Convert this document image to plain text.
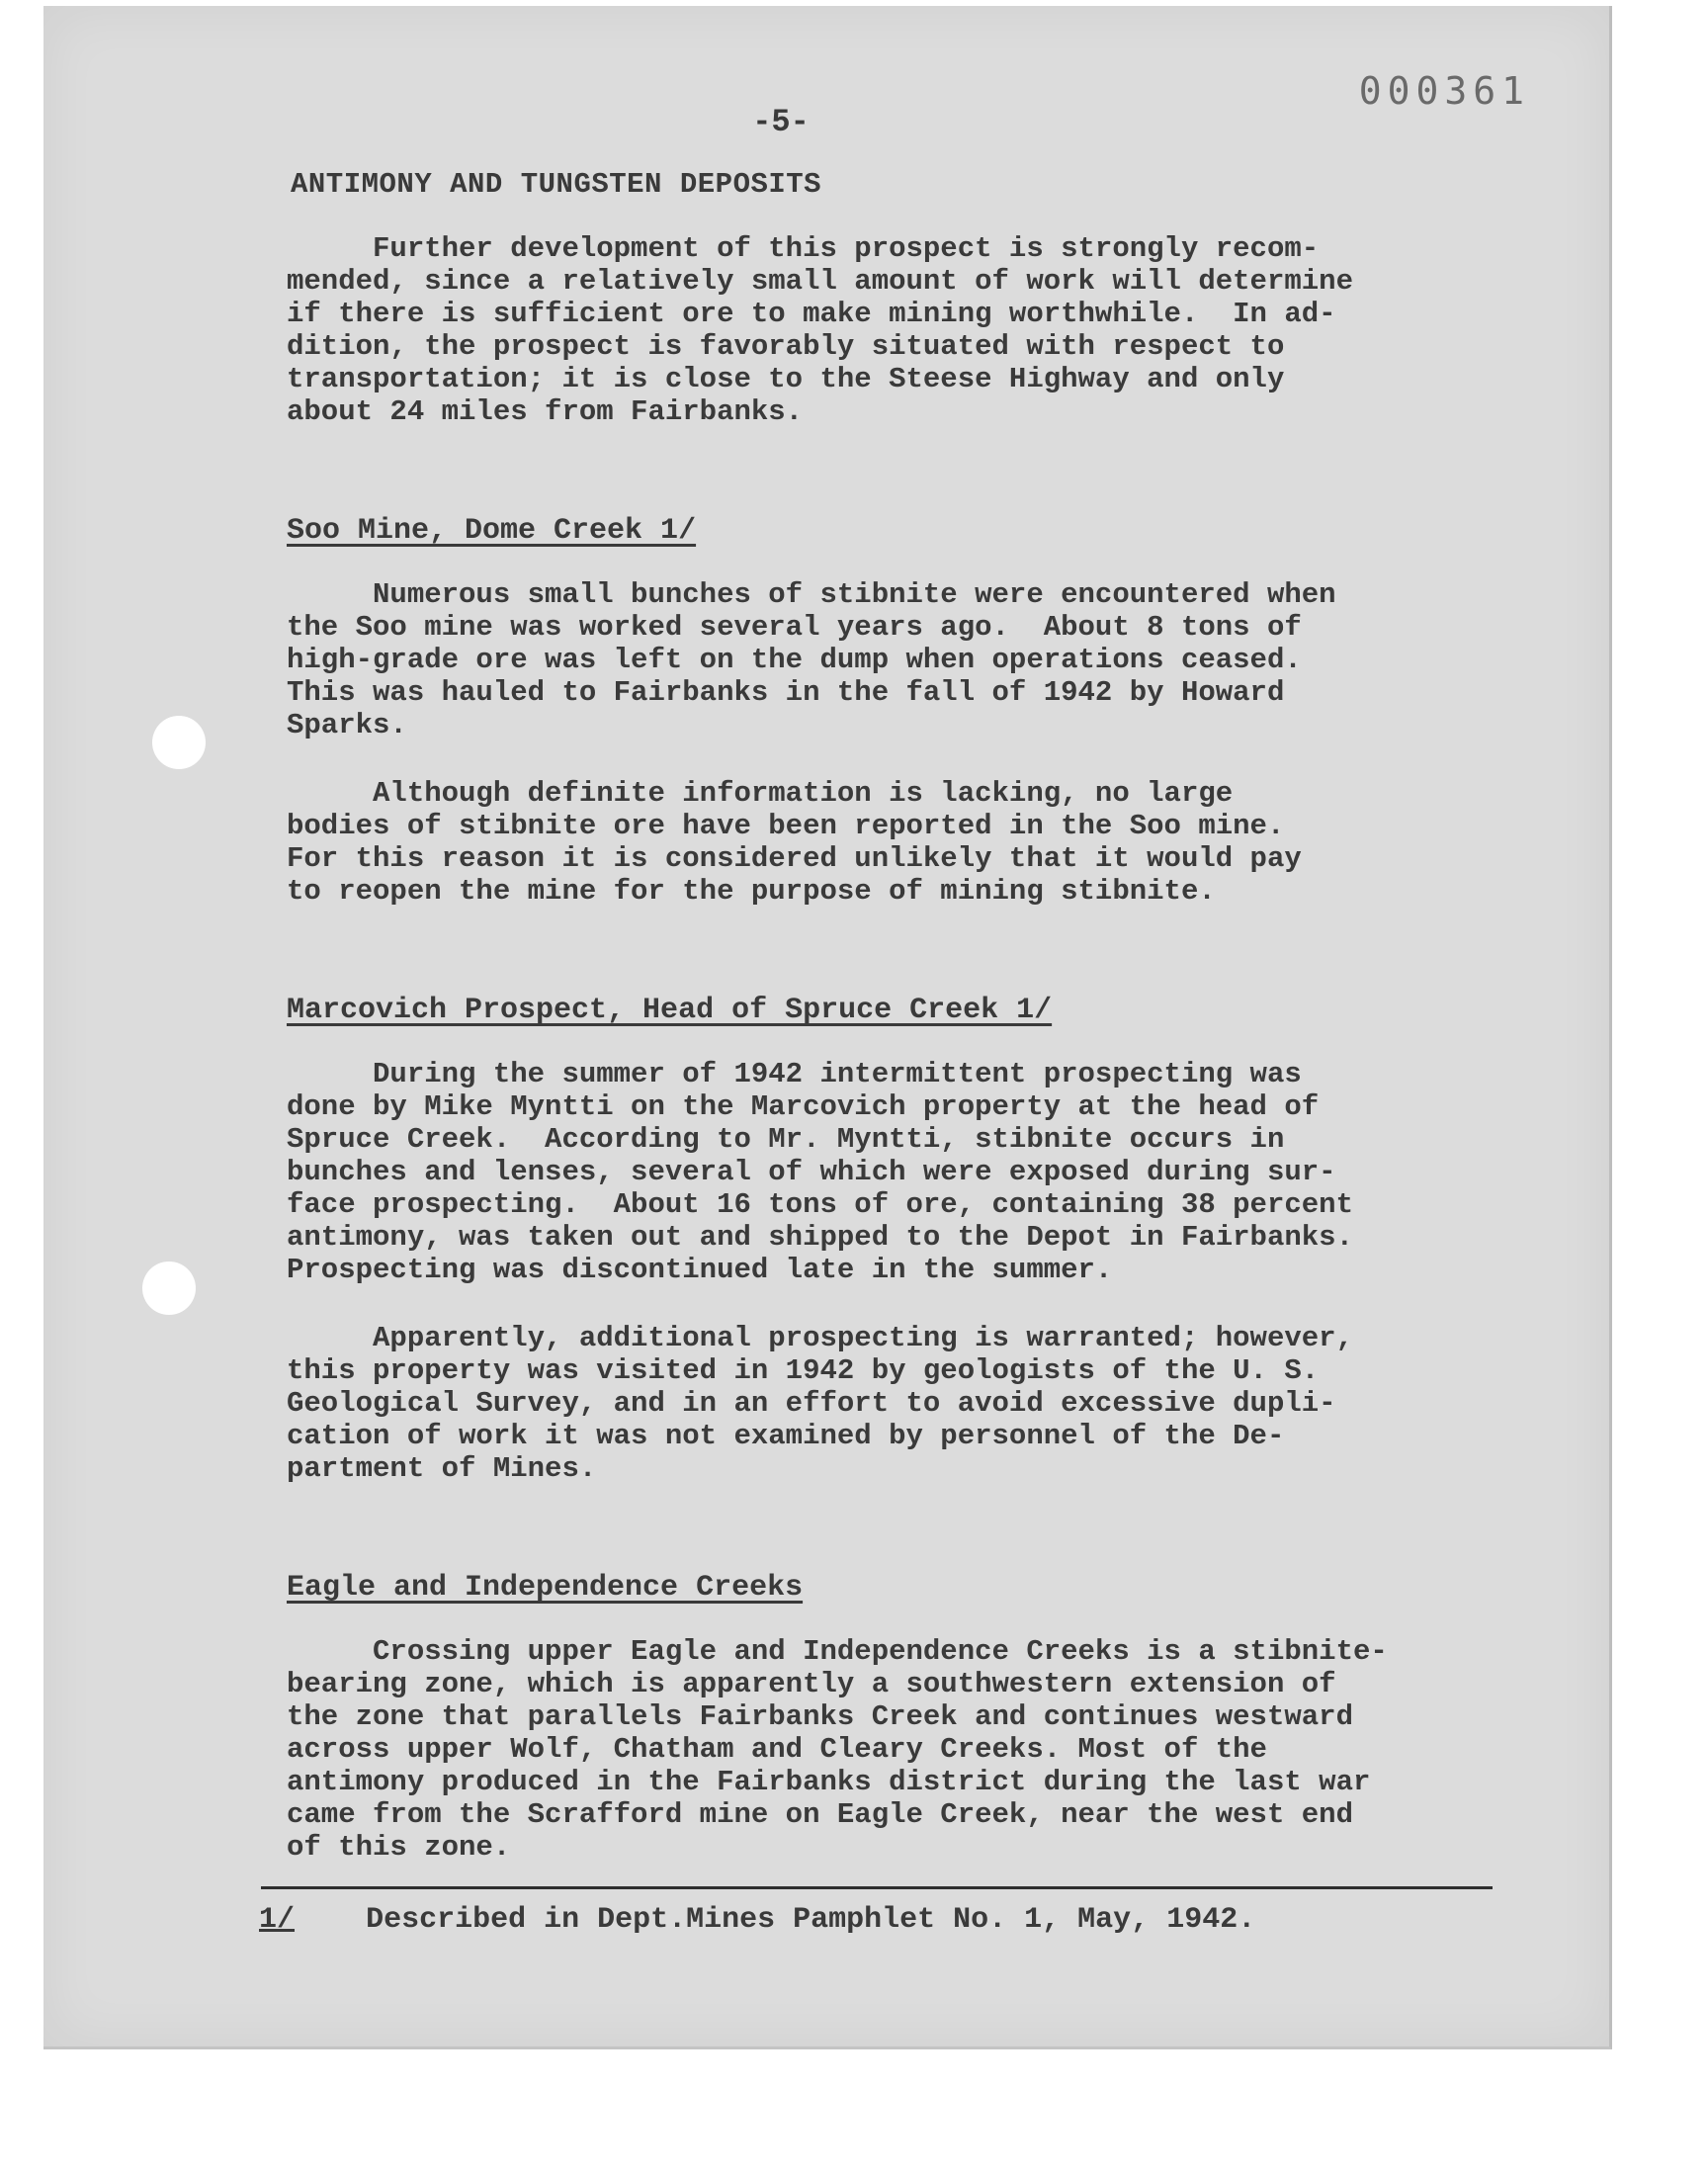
000361
-5-
ANTIMONY AND TUNGSTEN DEPOSITS
Further development of this prospect is strongly recom-
mended, since a relatively small amount of work will determine
if there is sufficient ore to make mining worthwhile.  In ad-
dition, the prospect is favorably situated with respect to
transportation; it is close to the Steese Highway and only
about 24 miles from Fairbanks.
Soo Mine, Dome Creek 1/
Numerous small bunches of stibnite were encountered when
the Soo mine was worked several years ago.  About 8 tons of
high-grade ore was left on the dump when operations ceased.
This was hauled to Fairbanks in the fall of 1942 by Howard
Sparks.
Although definite information is lacking, no large
bodies of stibnite ore have been reported in the Soo mine.
For this reason it is considered unlikely that it would pay
to reopen the mine for the purpose of mining stibnite.
Marcovich Prospect, Head of Spruce Creek 1/
During the summer of 1942 intermittent prospecting was
done by Mike Myntti on the Marcovich property at the head of
Spruce Creek.  According to Mr. Myntti, stibnite occurs in
bunches and lenses, several of which were exposed during sur-
face prospecting.  About 16 tons of ore, containing 38 percent
antimony, was taken out and shipped to the Depot in Fairbanks.
Prospecting was discontinued late in the summer.
Apparently, additional prospecting is warranted; however,
this property was visited in 1942 by geologists of the U. S.
Geological Survey, and in an effort to avoid excessive dupli-
cation of work it was not examined by personnel of the De-
partment of Mines.
Eagle and Independence Creeks
Crossing upper Eagle and Independence Creeks is a stibnite-
bearing zone, which is apparently a southwestern extension of
the zone that parallels Fairbanks Creek and continues westward
across upper Wolf, Chatham and Cleary Creeks. Most of the
antimony produced in the Fairbanks district during the last war
came from the Scrafford mine on Eagle Creek, near the west end
of this zone.
1/ Described in Dept.Mines Pamphlet No. 1, May, 1942.
